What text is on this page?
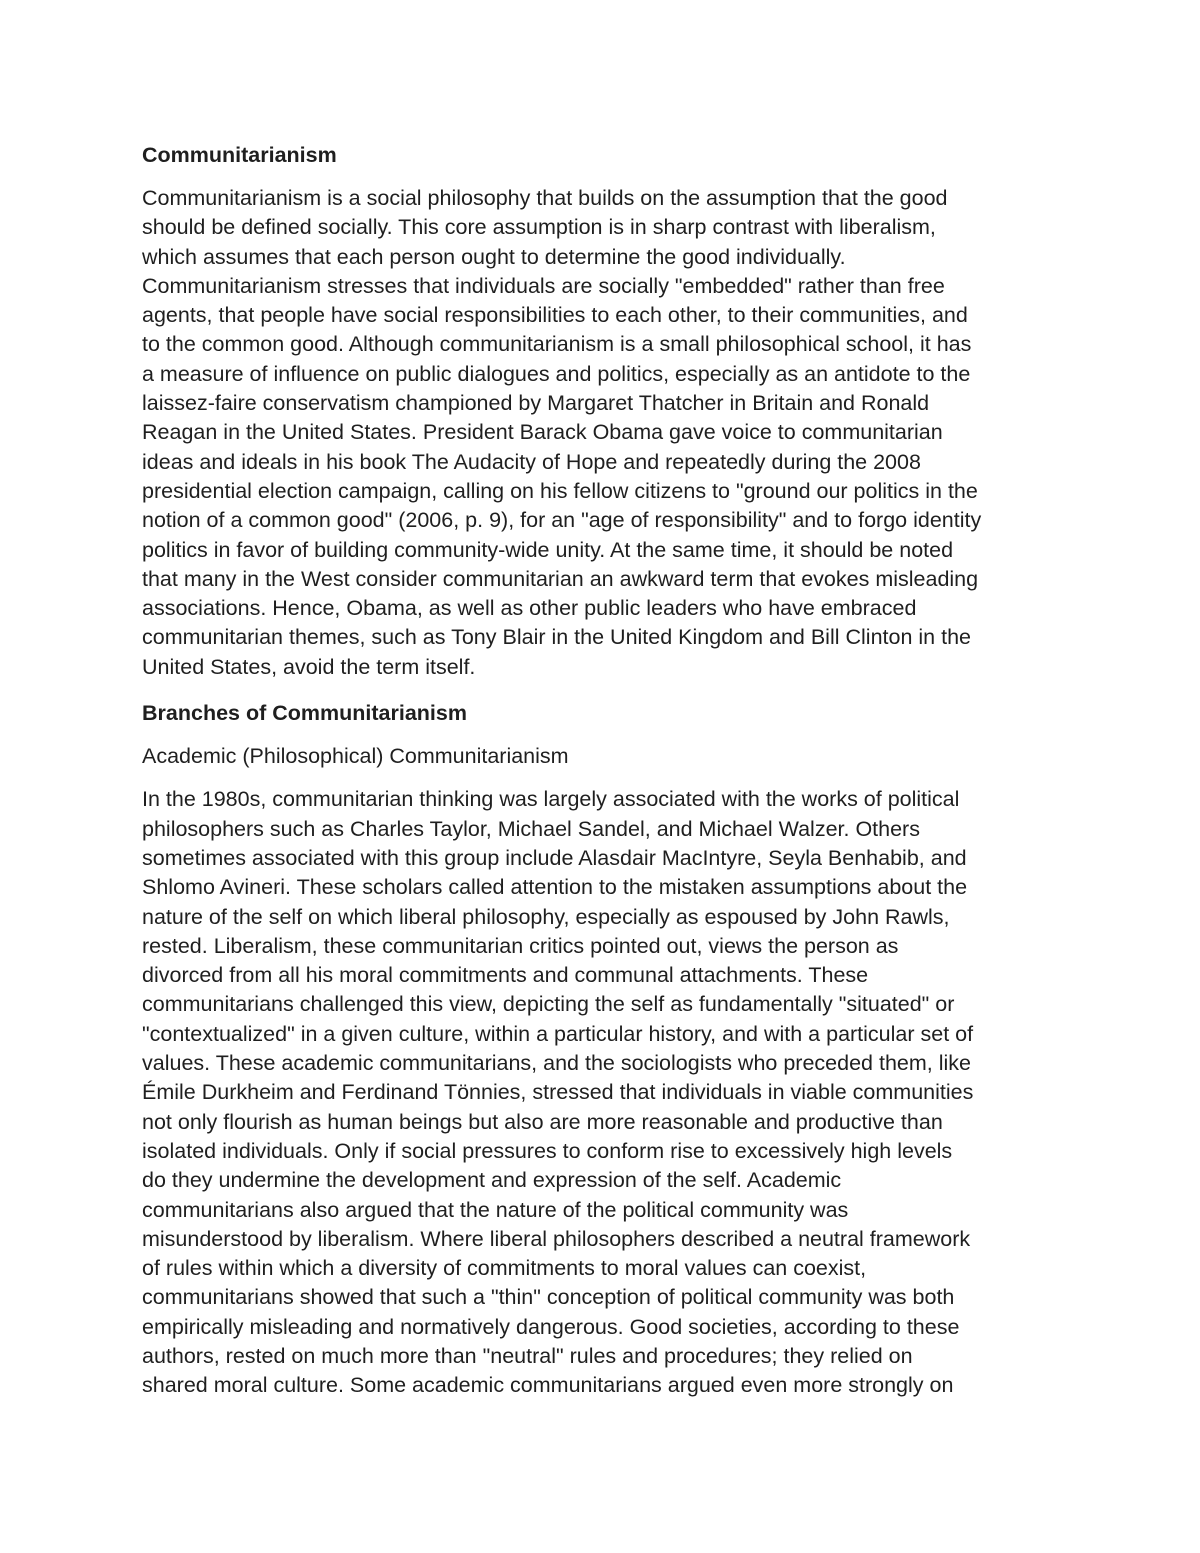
Communitarianism

Communitarianism is a social philosophy that builds on the assumption that the good
should be defined socially. This core assumption is in sharp contrast with liberalism,
which assumes that each person ought to determine the good individually.
Communitarianism stresses that individuals are socially "embedded" rather than free
agents, that people have social responsibilities to each other, to their communities, and
to the common good. Although communitarianism is a small philosophical school, it has
a measure of influence on public dialogues and politics, especially as an antidote to the
laissez-faire conservatism championed by Margaret Thatcher in Britain and Ronald
Reagan in the United States. President Barack Obama gave voice to communitarian
ideas and ideals in his book The Audacity of Hope and repeatedly during the 2008
presidential election campaign, calling on his fellow citizens to "ground our politics in the
notion of a common good" (2006, p. 9), for an "age of responsibility" and to forgo identity
politics in favor of building community-wide unity. At the same time, it should be noted
that many in the West consider communitarian an awkward term that evokes misleading
associations. Hence, Obama, as well as other public leaders who have embraced
communitarian themes, such as Tony Blair in the United Kingdom and Bill Clinton in the
United States, avoid the term itself.

Branches of Communitarianism

Academic (Philosophical) Communitarianism

In the 1980s, communitarian thinking was largely associated with the works of political
philosophers such as Charles Taylor, Michael Sandel, and Michael Walzer. Others
sometimes associated with this group include Alasdair MacIntyre, Seyla Benhabib, and
Shlomo Avineri. These scholars called attention to the mistaken assumptions about the
nature of the self on which liberal philosophy, especially as espoused by John Rawls,
rested. Liberalism, these communitarian critics pointed out, views the person as
divorced from all his moral commitments and communal attachments. These
communitarians challenged this view, depicting the self as fundamentally "situated" or
"contextualized" in a given culture, within a particular history, and with a particular set of
values. These academic communitarians, and the sociologists who preceded them, like
Émile Durkheim and Ferdinand Tönnies, stressed that individuals in viable communities
not only flourish as human beings but also are more reasonable and productive than
isolated individuals. Only if social pressures to conform rise to excessively high levels
do they undermine the development and expression of the self. Academic
communitarians also argued that the nature of the political community was
misunderstood by liberalism. Where liberal philosophers described a neutral framework
of rules within which a diversity of commitments to moral values can coexist,
communitarians showed that such a "thin" conception of political community was both
empirically misleading and normatively dangerous. Good societies, according to these
authors, rested on much more than "neutral" rules and procedures; they relied on
shared moral culture. Some academic communitarians argued even more strongly on
